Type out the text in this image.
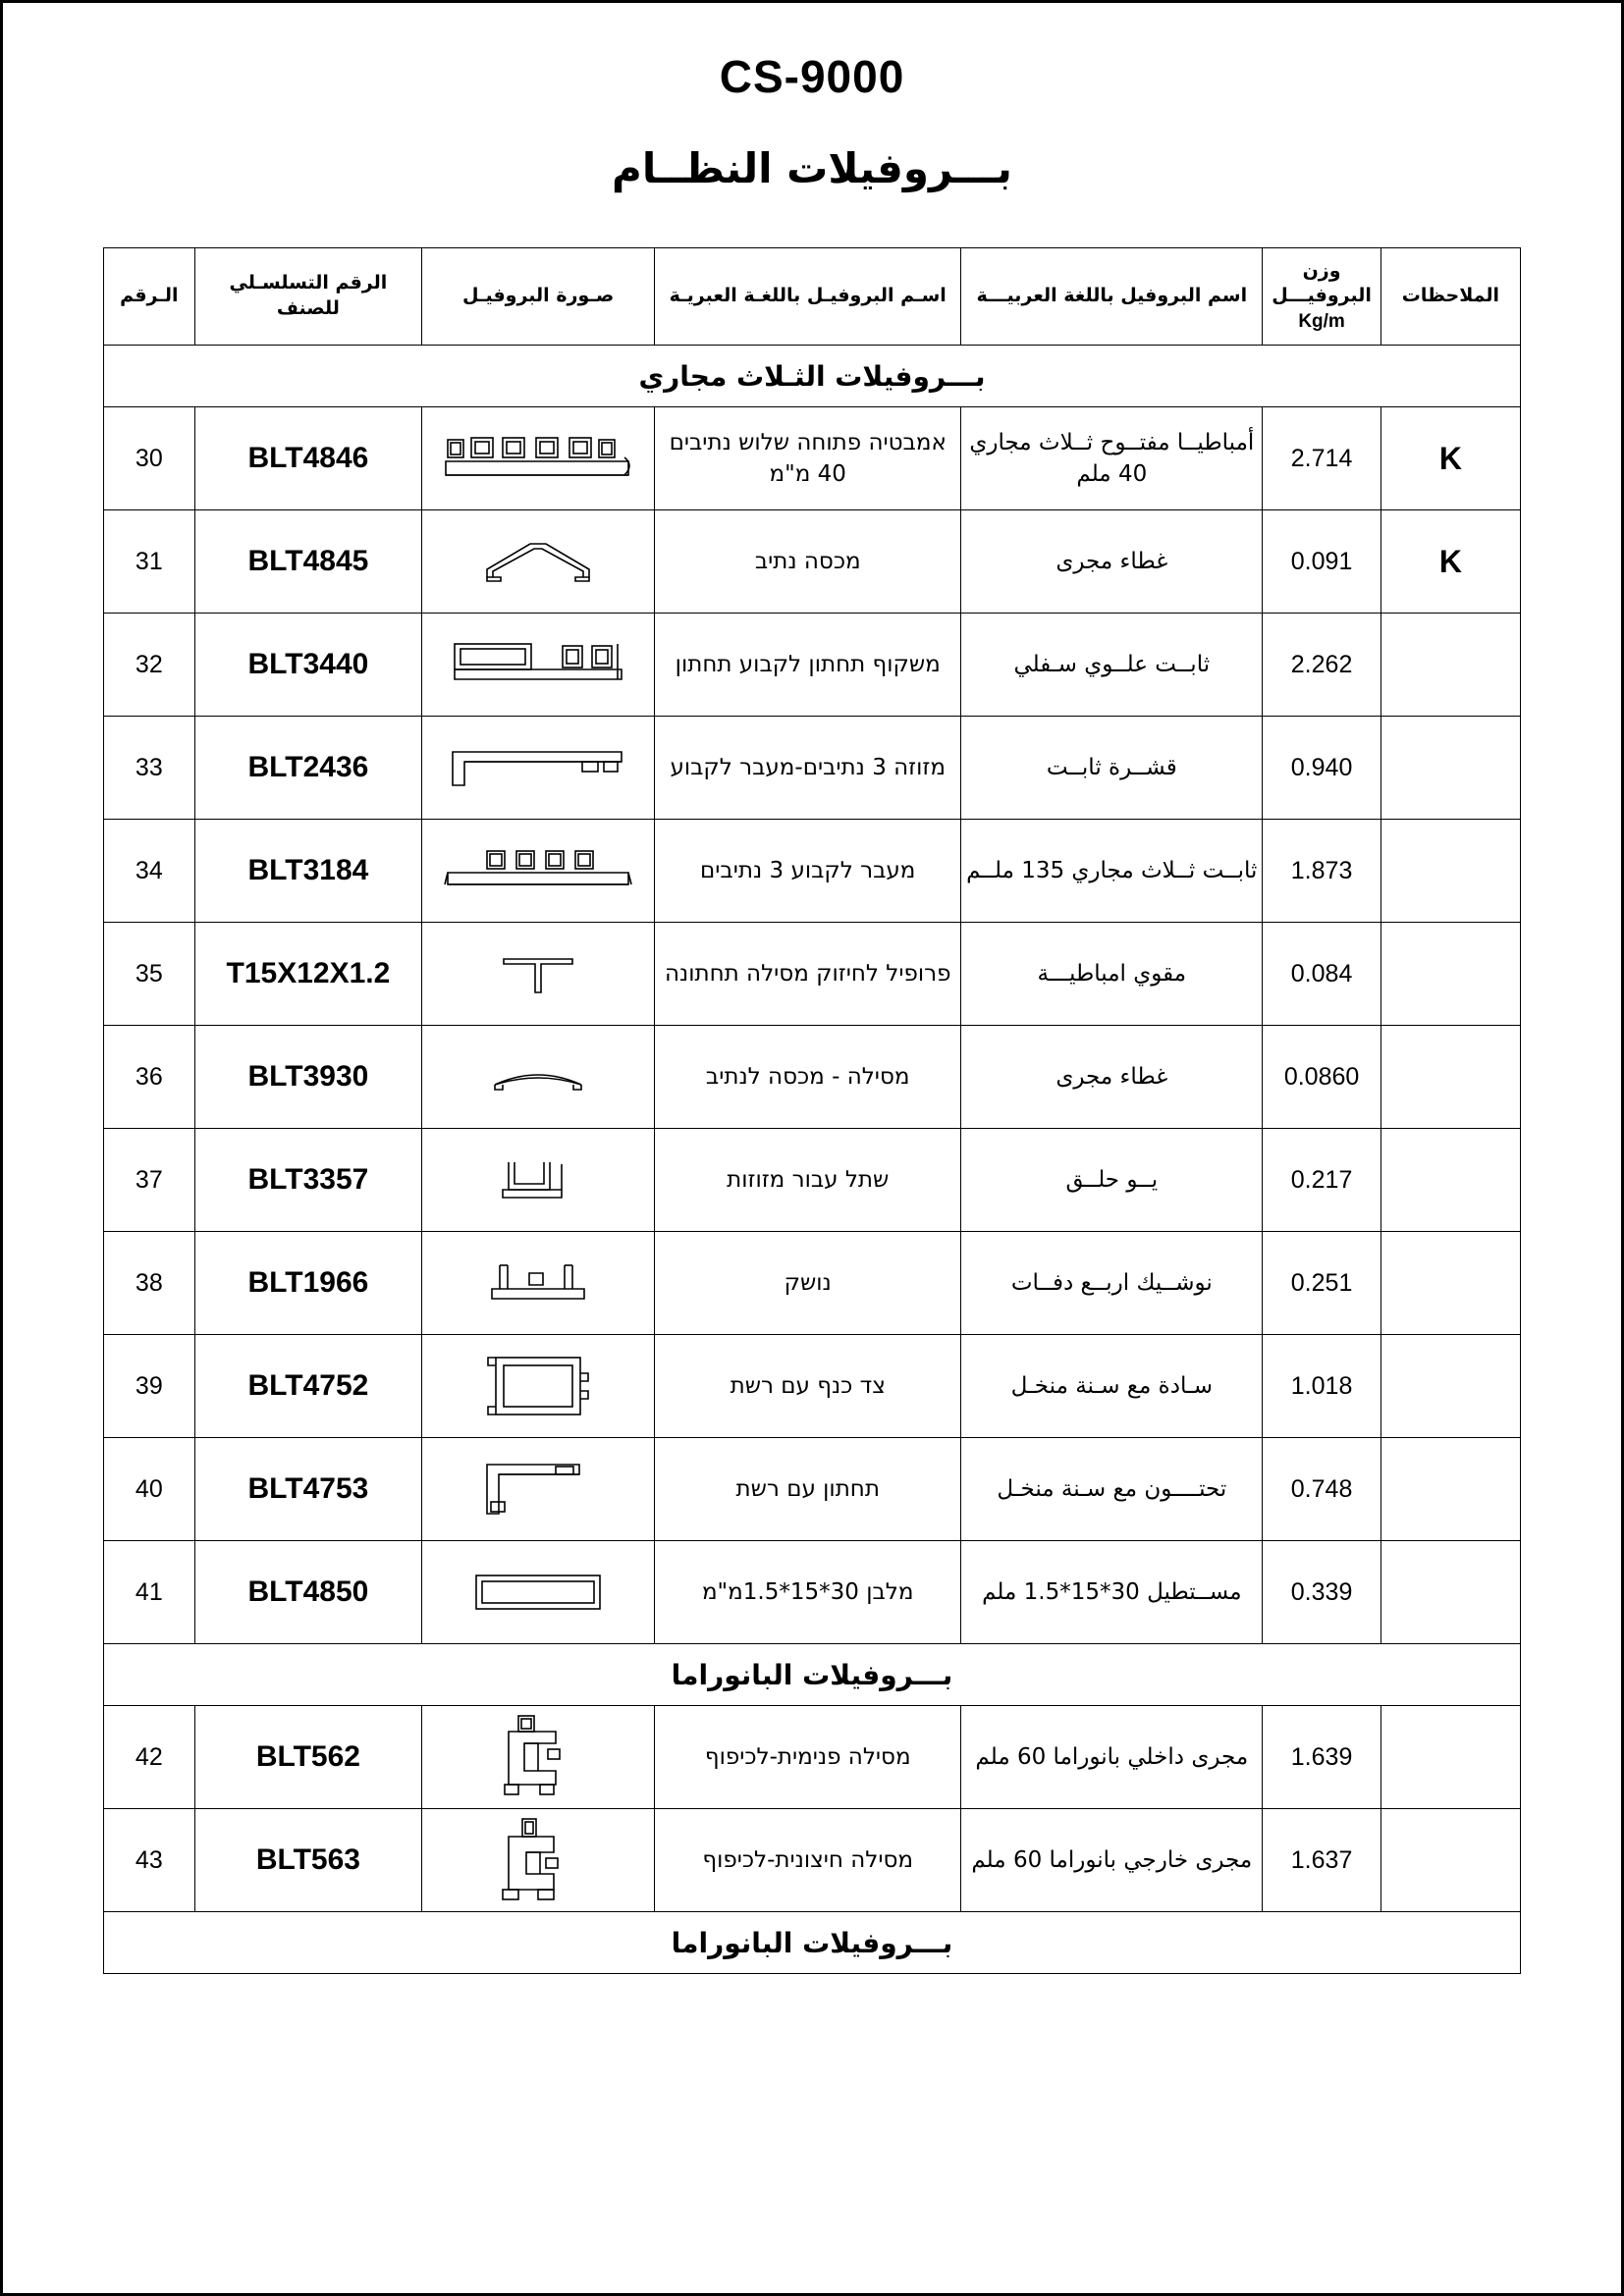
CS-9000
بـــروفيلات النظــام
الملاحظات	وزن
البروفيـــل
Kg/m	اسم البروفيل باللغة العربيـــة	اسـم البروفيـل باللغـة العبريـة	صـورة البروفيـل	الرقم التسلسـلي للصنف	الـرقم
بـــروفيلات الثـلاث مجاري						
K	2.714	أمباطيــا مفتــوح ثــلاث مجاري 40 ملم	אמבטיה פתוחה שלוש נתיבים 40 מ"מ		BLT4846	30
K	0.091	غطاء مجرى	מכסה נתיב		BLT4845	31
	2.262	ثابــت علــوي سـفلي	משקוף תחתון לקבוע תחתון		BLT3440	32
	0.940	قشــرة ثابــت	מזוזה 3 נתיבים-מעבר לקבוע		BLT2436	33
	1.873	ثابــت ثــلاث مجاري 135 ملــم	מעבר לקבוע 3 נתיבים		BLT3184	34
	0.084	مقوي امباطيـــة	פרופיל לחיזוק מסילה תחתונה		T15X12X1.2	35
	0.0860	غطاء مجرى	מסילה - מכסה לנתיב		BLT3930	36
	0.217	يــو حلــق	שתל עבור מזוזות		BLT3357	37
	0.251	نوشــيك اربــع دفــات	נושק		BLT1966	38
	1.018	سـادة مع سـنة منخـل	צד כנף עם רשת		BLT4752	39
	0.748	تحتــــون مع سـنة منخـل	תחתון עם רשת		BLT4753	40
	0.339	مســتطيل 30*15*1.5 ملم	מלבן 30*15*1.5מ"מ		BLT4850	41
بـــروفيلات البانوراما						
	1.639	مجرى داخلي بانوراما 60 ملم	מסילה פנימית-לכיפוף		BLT562	42
	1.637	مجرى خارجي بانوراما 60 ملم	מסילה חיצונית-לכיפוף		BLT563	43
بـــروفيلات البانوراما						
